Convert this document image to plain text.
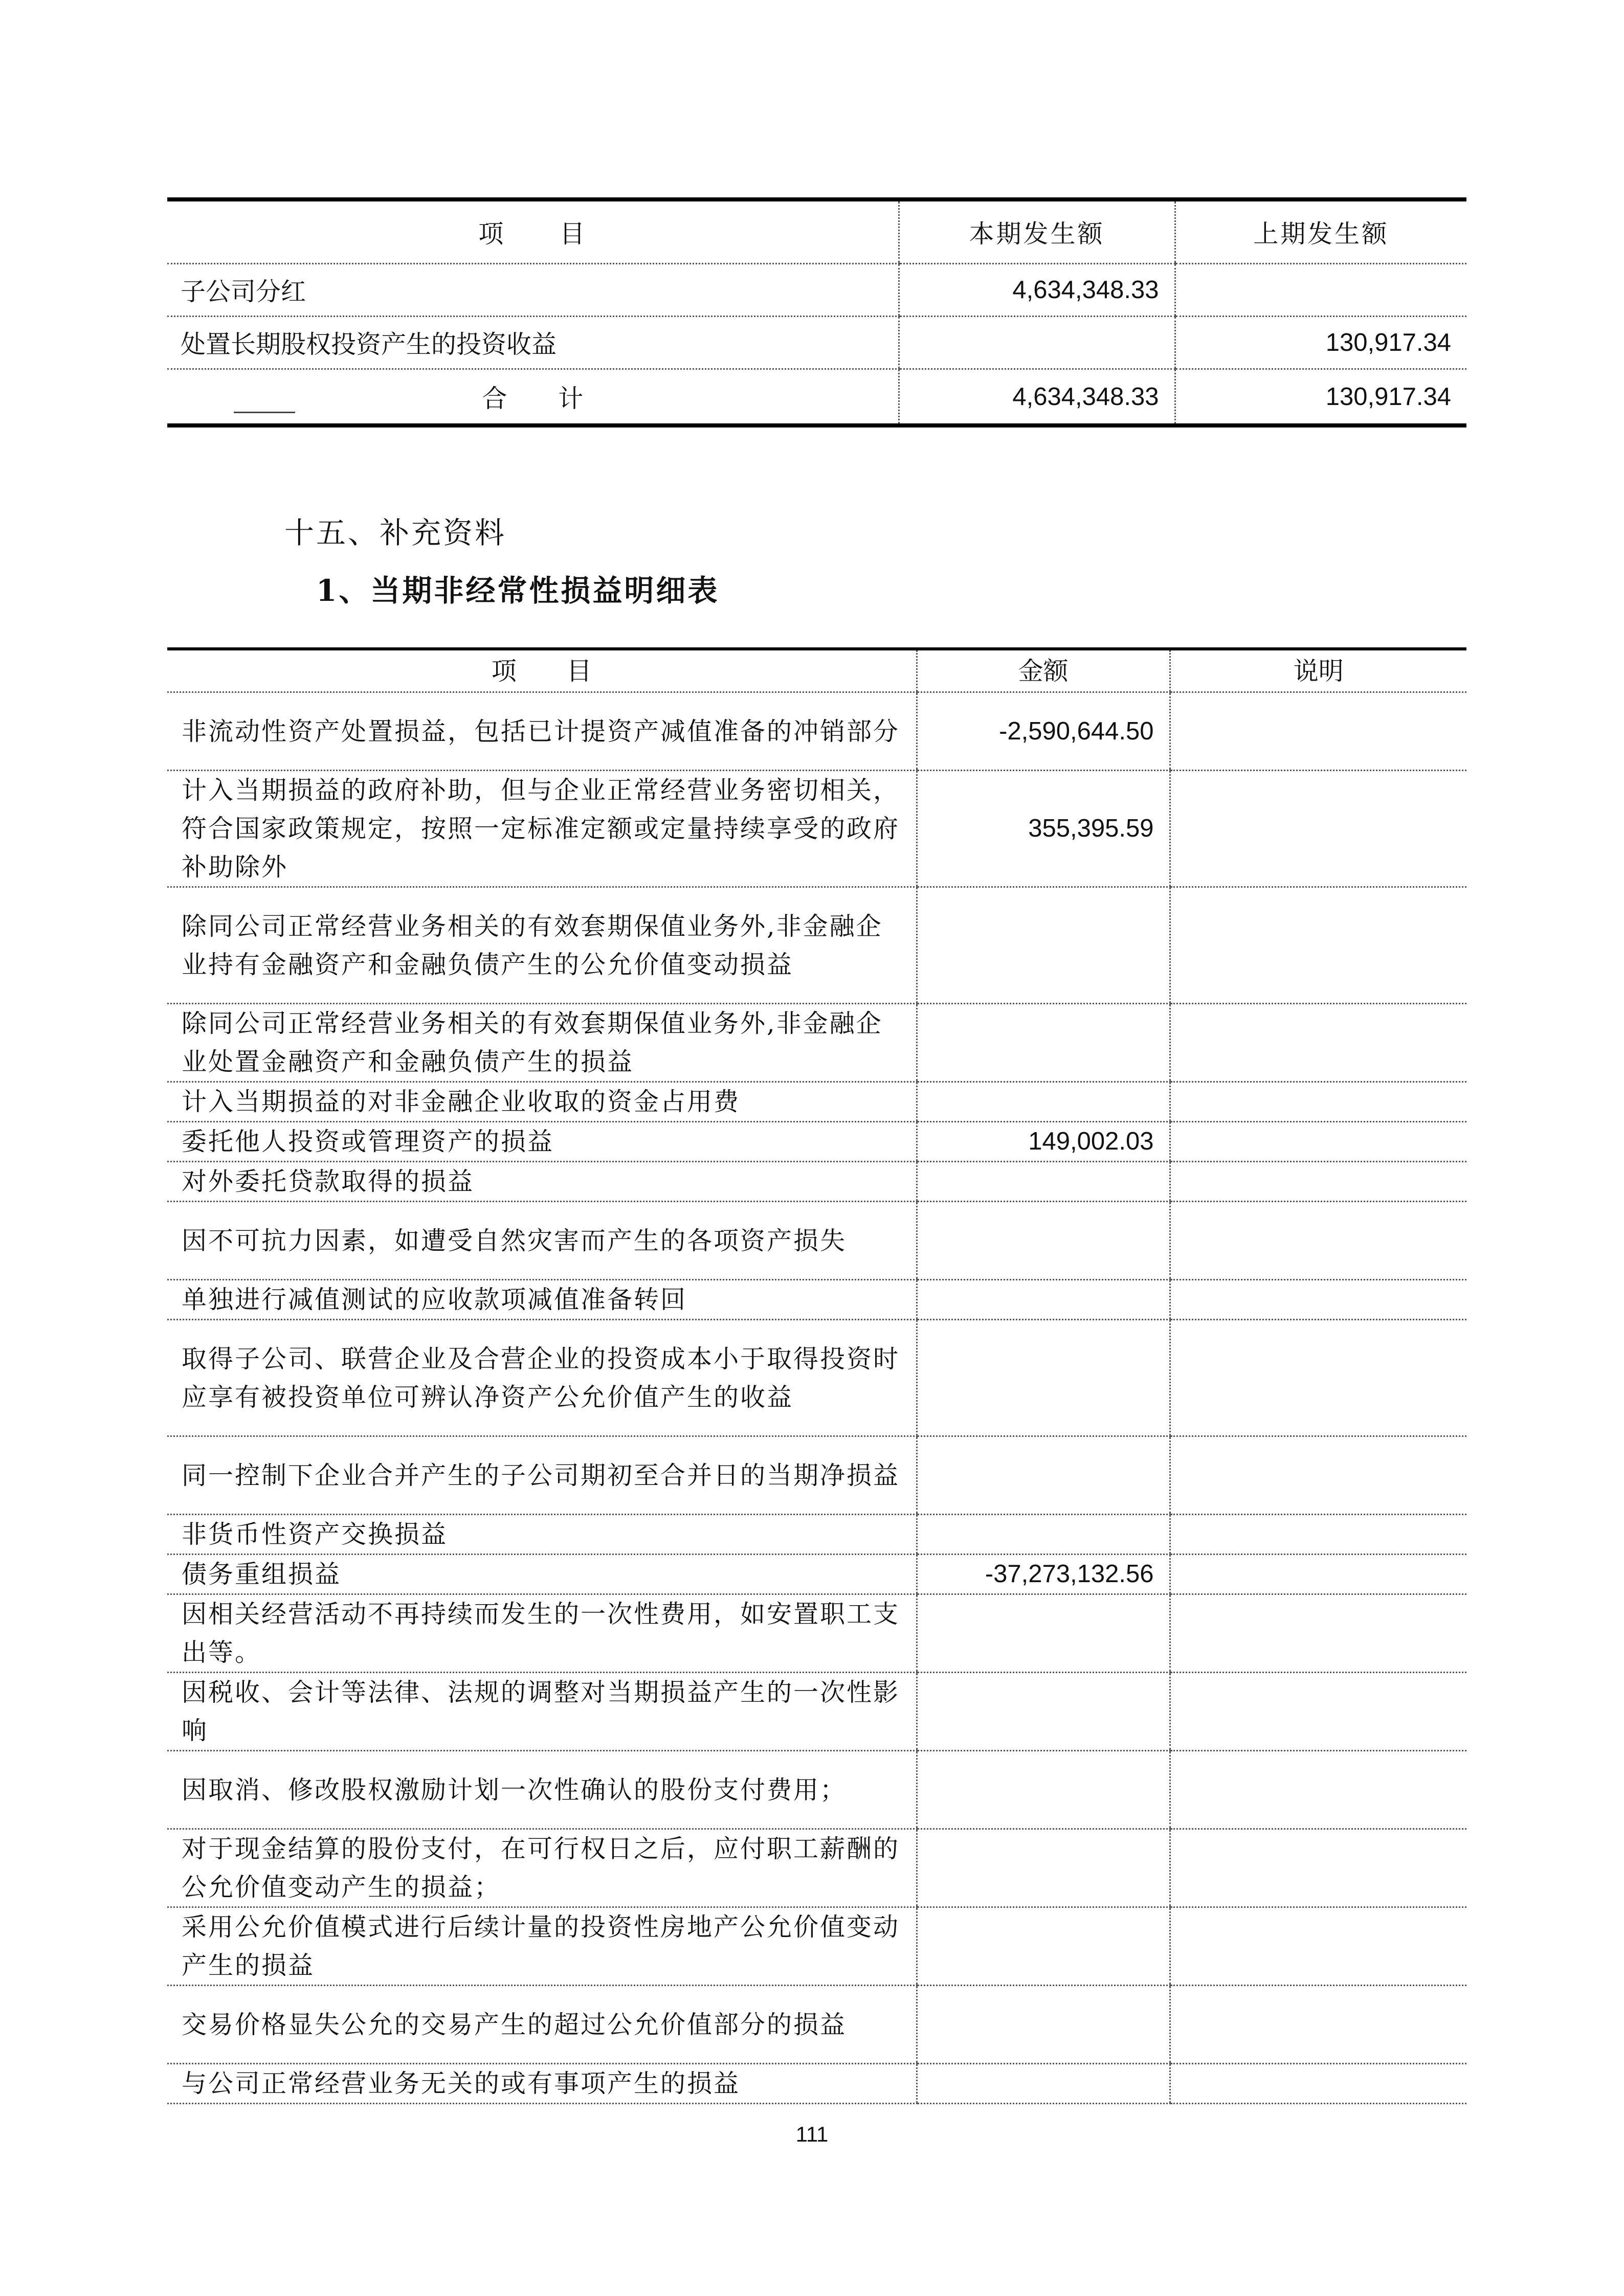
项　　目	本期发生额	上期发生额
子公司分红	4,634,348.33	
处置长期股权投资产生的投资收益		130,917.34

合计	4,634,348.33	130,917.34
十五、补充资料
1、当期非经常性损益明细表
项　　目	金额	说明
非流动性资产处置损益，包括已计提资产减值准备的冲销部分	-2,590,644.50	
计入当期损益的政府补助，但与企业正常经营业务密切相关，符合国家政策规定，按照一定标准定额或定量持续享受的政府补助除外	355,395.59	
除同公司正常经营业务相关的有效套期保值业务外,非金融企业持有金融资产和金融负债产生的公允价值变动损益		
除同公司正常经营业务相关的有效套期保值业务外,非金融企业处置金融资产和金融负债产生的损益		
计入当期损益的对非金融企业收取的资金占用费		
委托他人投资或管理资产的损益	149,002.03	
对外委托贷款取得的损益		
因不可抗力因素，如遭受自然灾害而产生的各项资产损失		
单独进行减值测试的应收款项减值准备转回		
取得子公司、联营企业及合营企业的投资成本小于取得投资时应享有被投资单位可辨认净资产公允价值产生的收益		
同一控制下企业合并产生的子公司期初至合并日的当期净损益		
非货币性资产交换损益		
债务重组损益	-37,273,132.56	
因相关经营活动不再持续而发生的一次性费用，如安置职工支出等。		
因税收、会计等法律、法规的调整对当期损益产生的一次性影响		
因取消、修改股权激励计划一次性确认的股份支付费用；		
对于现金结算的股份支付，在可行权日之后，应付职工薪酬的公允价值变动产生的损益；		
采用公允价值模式进行后续计量的投资性房地产公允价值变动产生的损益		
交易价格显失公允的交易产生的超过公允价值部分的损益		
与公司正常经营业务无关的或有事项产生的损益		
111
